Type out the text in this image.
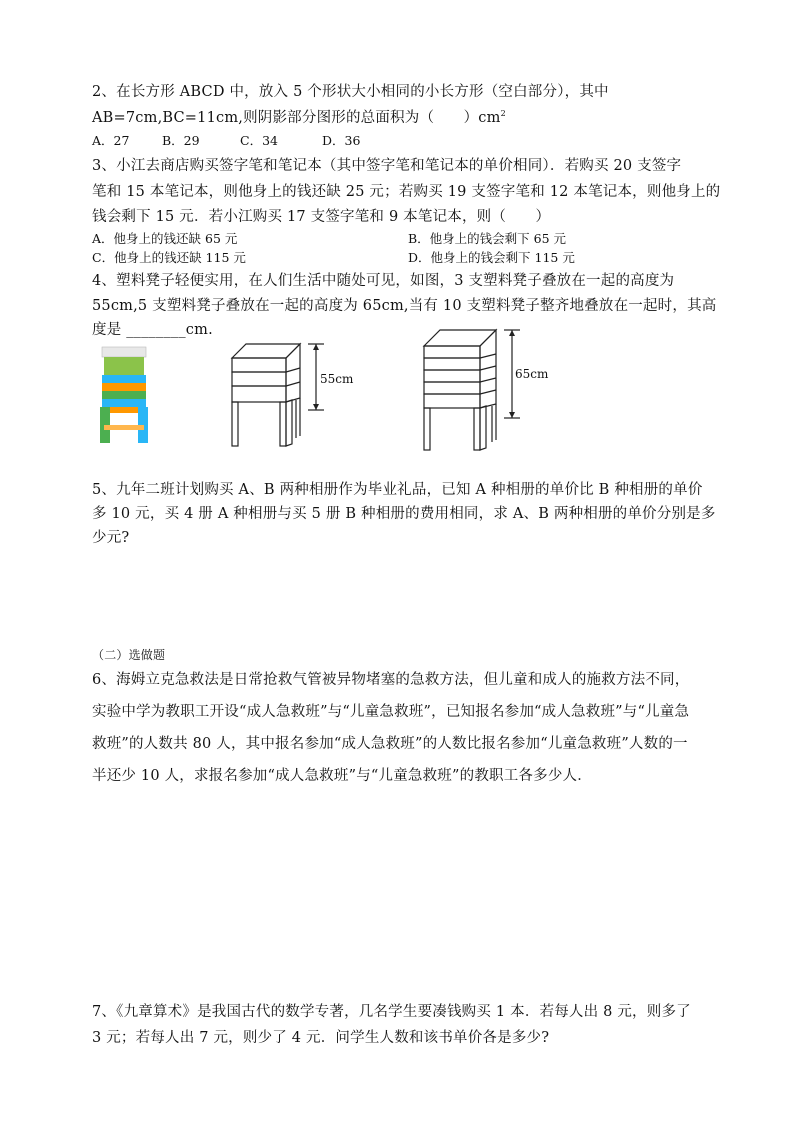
2、在长方形 ABCD 中，放入 5 个形状大小相同的小长方形（空白部分），其中
AB=7cm,BC=11cm,则阴影部分图形的总面积为（　　）$cm^2$
A．27	B．29	C．34	D．36
3、小江去商店购买签字笔和笔记本（其中签字笔和笔记本的单价相同）．若购买 20 支签字
笔和 15 本笔记本，则他身上的钱还缺 25 元；若购买 19 支签字笔和 12 本笔记本，则他身上的
钱会剩下 15 元．若小江购买 17 支签字笔和 9 本笔记本，则（　　）
A．他身上的钱还缺 65 元	B．他身上的钱会剩下 65 元
C．他身上的钱还缺 115 元	D．他身上的钱会剩下 115 元
4、塑料凳子轻便实用，在人们生活中随处可见，如图，3 支塑料凳子叠放在一起的高度为
55cm,5 支塑料凳子叠放在一起的高度为 65cm,当有 10 支塑料凳子整齐地叠放在一起时，其高
度是 ________cm.
55cm	65cm
5、九年二班计划购买 A、B 两种相册作为毕业礼品，已知 A 种相册的单价比 B 种相册的单价
多 10 元，买 4 册 A 种相册与买 5 册 B 种相册的费用相同，求 A、B 两种相册的单价分别是多
少元?
（二）选做题
6、海姆立克急救法是日常抢救气管被异物堵塞的急救方法，但儿童和成人的施救方法不同，
实验中学为教职工开设“成人急救班”与“儿童急救班”，已知报名参加“成人急救班”与“儿童急
救班”的人数共 80 人，其中报名参加“成人急救班”的人数比报名参加“儿童急救班”人数的一
半还少 10 人，求报名参加“成人急救班”与“儿童急救班”的教职工各多少人．
7、《九章算术》是我国古代的数学专著，几名学生要凑钱购买 1 本．若每人出 8 元，则多了
3 元；若每人出 7 元，则少了 4 元．问学生人数和该书单价各是多少?
